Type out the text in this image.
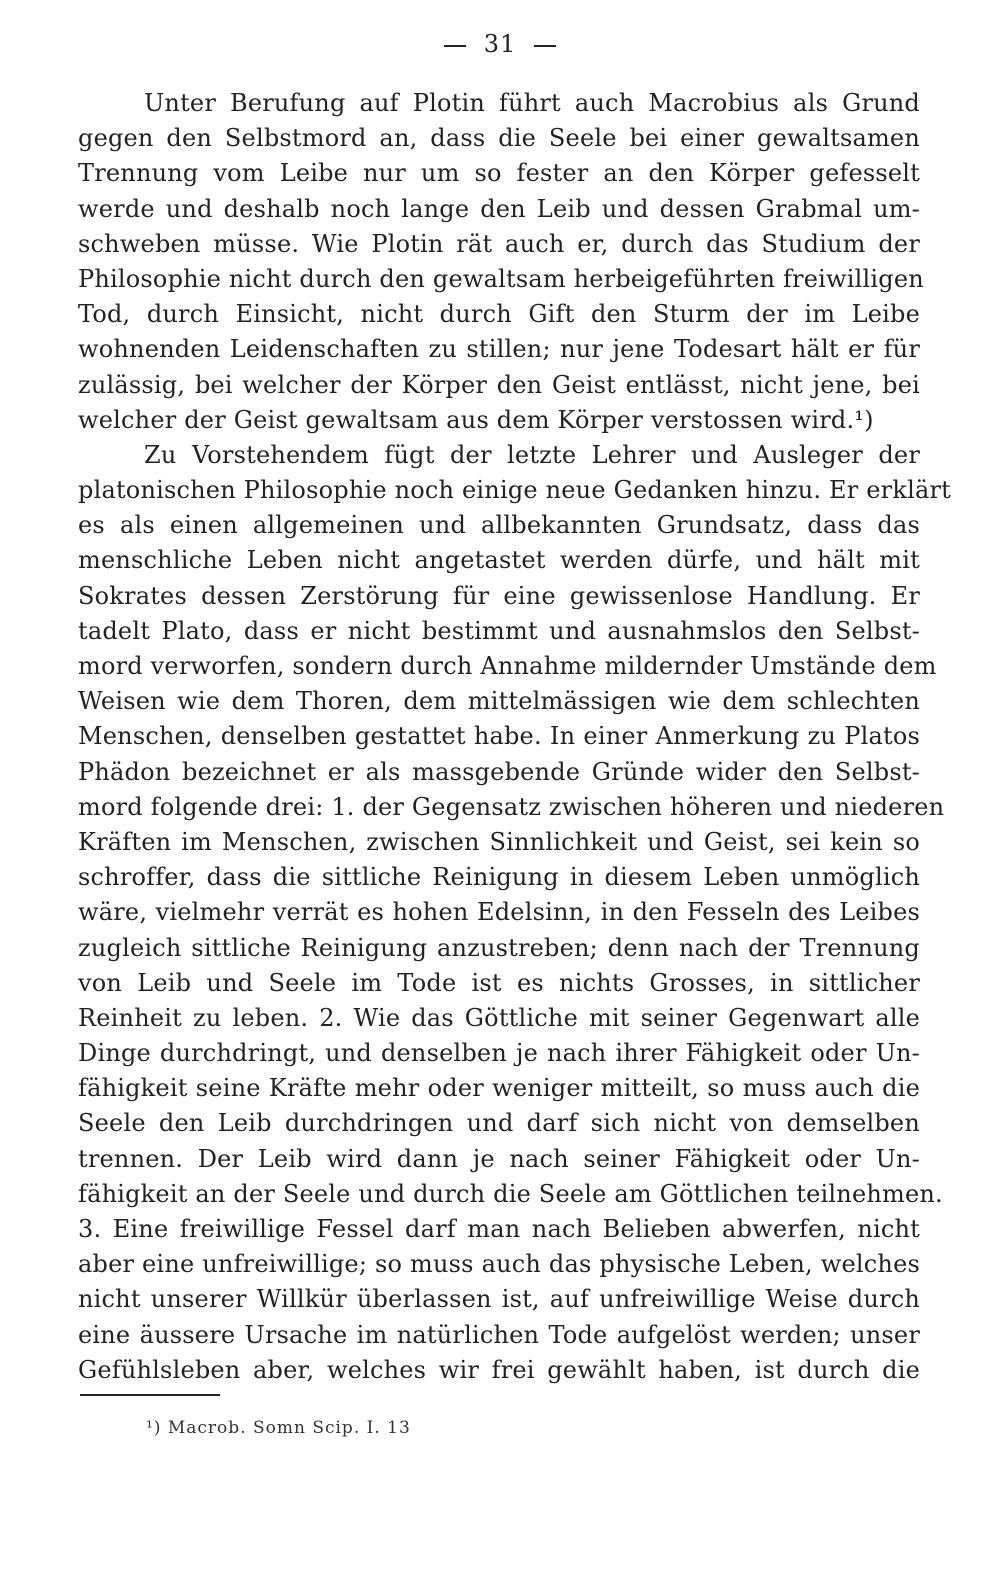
31
Unter Berufung auf Plotin führt auch Macrobius als Grund
gegen den Selbstmord an, dass die Seele bei einer gewaltsamen
Trennung vom Leibe nur um so fester an den Körper gefesselt
werde und deshalb noch lange den Leib und dessen Grabmal um-
schweben müsse. Wie Plotin rät auch er, durch das Studium der
Philosophie nicht durch den gewaltsam herbeigeführten freiwilligen
Tod, durch Einsicht, nicht durch Gift den Sturm der im Leibe
wohnenden Leidenschaften zu stillen; nur jene Todesart hält er für
zulässig, bei welcher der Körper den Geist entlässt, nicht jene, bei
welcher der Geist gewaltsam aus dem Körper verstossen wird.¹)
Zu Vorstehendem fügt der letzte Lehrer und Ausleger der
platonischen Philosophie noch einige neue Gedanken hinzu. Er erklärt
es als einen allgemeinen und allbekannten Grundsatz, dass das
menschliche Leben nicht angetastet werden dürfe, und hält mit
Sokrates dessen Zerstörung für eine gewissenlose Handlung. Er
tadelt Plato, dass er nicht bestimmt und ausnahmslos den Selbst-
mord verworfen, sondern durch Annahme mildernder Umstände dem
Weisen wie dem Thoren, dem mittelmässigen wie dem schlechten
Menschen, denselben gestattet habe. In einer Anmerkung zu Platos
Phädon bezeichnet er als massgebende Gründe wider den Selbst-
mord folgende drei: 1. der Gegensatz zwischen höheren und niederen
Kräften im Menschen, zwischen Sinnlichkeit und Geist, sei kein so
schroffer, dass die sittliche Reinigung in diesem Leben unmöglich
wäre, vielmehr verrät es hohen Edelsinn, in den Fesseln des Leibes
zugleich sittliche Reinigung anzustreben; denn nach der Trennung
von Leib und Seele im Tode ist es nichts Grosses, in sittlicher
Reinheit zu leben. 2. Wie das Göttliche mit seiner Gegenwart alle
Dinge durchdringt, und denselben je nach ihrer Fähigkeit oder Un-
fähigkeit seine Kräfte mehr oder weniger mitteilt, so muss auch die
Seele den Leib durchdringen und darf sich nicht von demselben
trennen. Der Leib wird dann je nach seiner Fähigkeit oder Un-
fähigkeit an der Seele und durch die Seele am Göttlichen teilnehmen.
3. Eine freiwillige Fessel darf man nach Belieben abwerfen, nicht
aber eine unfreiwillige; so muss auch das physische Leben, welches
nicht unserer Willkür überlassen ist, auf unfreiwillige Weise durch
eine äussere Ursache im natürlichen Tode aufgelöst werden; unser
Gefühlsleben aber, welches wir frei gewählt haben, ist durch die
¹) Macrob. Somn Scip. I. 13
